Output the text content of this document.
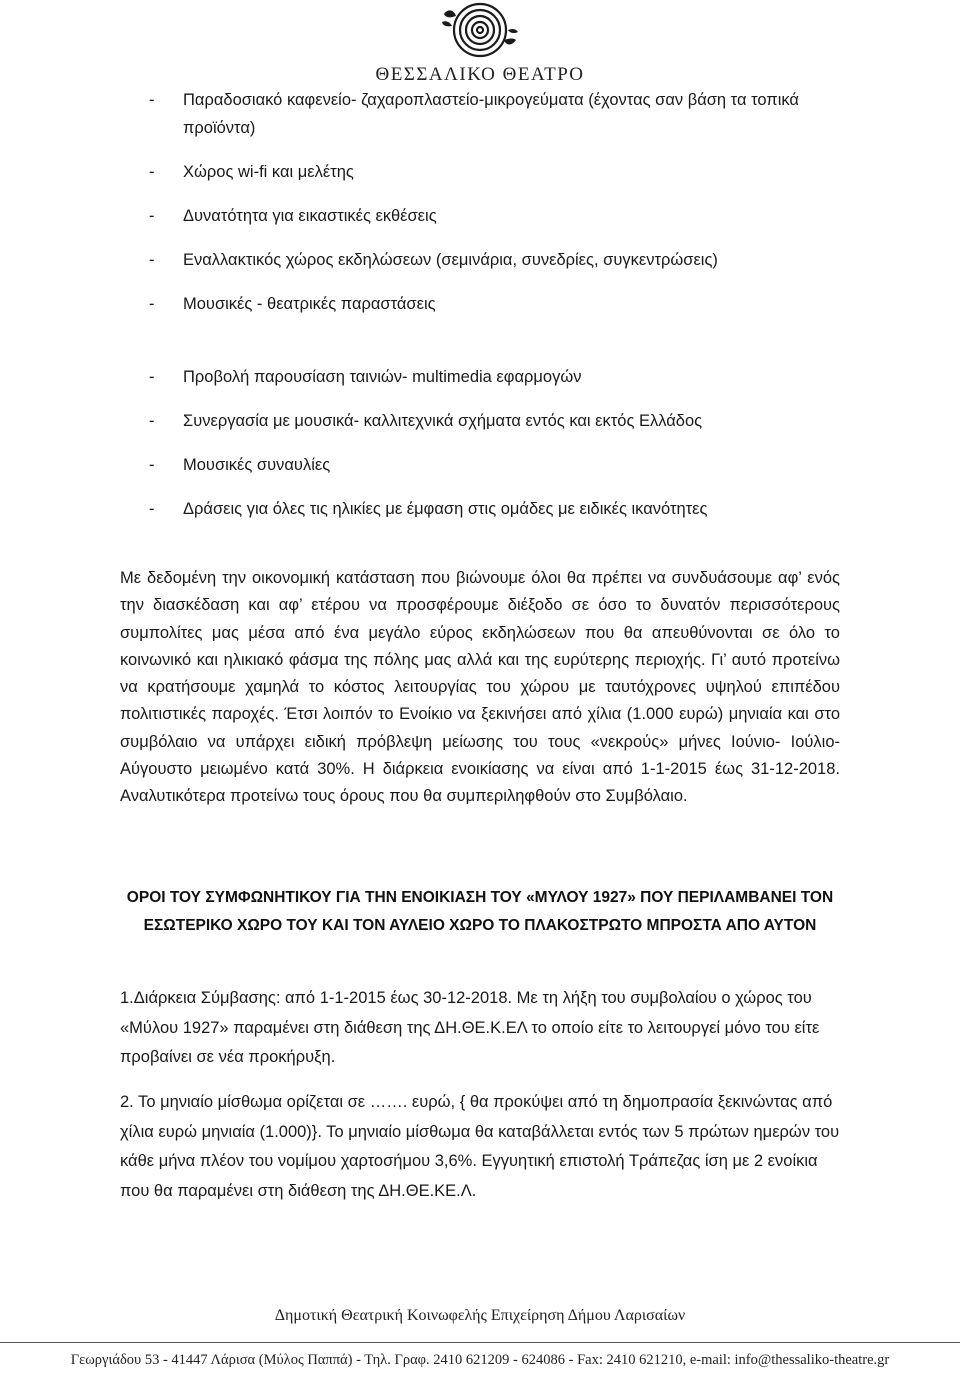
ΘΕΣΣΑΛΙΚΟ ΘΕΑΤΡΟ
- Παραδοσιακό καφενείο- ζαχαροπλαστείο-μικρογεύματα (έχοντας σαν βάση τα τοπικά προϊόντα)
- Χώρος wi-fi και μελέτης
- Δυνατότητα για εικαστικές εκθέσεις
- Εναλλακτικός χώρος εκδηλώσεων (σεμινάρια, συνεδρίες, συγκεντρώσεις)
- Μουσικές - θεατρικές παραστάσεις
- Προβολή παρουσίαση ταινιών- multimedia εφαρμογών
- Συνεργασία με μουσικά- καλλιτεχνικά σχήματα εντός και εκτός Ελλάδος
- Μουσικές συναυλίες
- Δράσεις για όλες τις ηλικίες με έμφαση στις ομάδες με ειδικές ικανότητες

Με δεδομένη την οικονομική κατάσταση που βιώνουμε όλοι θα πρέπει να συνδυάσουμε αφ’ ενός την διασκέδαση και αφ’ ετέρου να προσφέρουμε διέξοδο σε όσο το δυνατόν περισσότερους συμπολίτες μας μέσα από ένα μεγάλο εύρος εκδηλώσεων που θα απευθύνονται σε όλο το κοινωνικό και ηλικιακό φάσμα της πόλης μας αλλά και της ευρύτερης περιοχής. Γι’ αυτό προτείνω να κρατήσουμε χαμηλά το κόστος λειτουργίας του χώρου με ταυτόχρονες υψηλού επιπέδου πολιτιστικές παροχές. Έτσι λοιπόν το Ενοίκιο να ξεκινήσει από χίλια (1.000 ευρώ) μηνιαία και στο συμβόλαιο να υπάρχει ειδική πρόβλεψη μείωσης του τους «νεκρούς» μήνες Ιούνιο- Ιούλιο- Αύγουστο μειωμένο κατά 30%. Η διάρκεια ενοικίασης να είναι από 1-1-2015 έως 31-12-2018. Αναλυτικότερα προτείνω τους όρους που θα συμπεριληφθούν στο Συμβόλαιο.

ΟΡΟΙ ΤΟΥ ΣΥΜΦΩΝΗΤΙΚΟΥ ΓΙΑ ΤΗΝ ΕΝΟΙΚΙΑΣΗ ΤΟΥ «ΜΥΛΟΥ 1927» ΠΟΥ ΠΕΡΙΛΑΜΒΑΝΕΙ ΤΟΝ ΕΣΩΤΕΡΙΚΟ ΧΩΡΟ ΤΟΥ ΚΑΙ ΤΟΝ ΑΥΛΕΙΟ ΧΩΡΟ ΤΟ ΠΛΑΚΟΣΤΡΩΤΟ ΜΠΡΟΣΤΑ ΑΠΟ ΑΥΤΟΝ

1.Διάρκεια Σύμβασης: από 1-1-2015 έως 30-12-2018. Με τη λήξη του συμβολαίου ο χώρος του «Μύλου 1927» παραμένει στη διάθεση της ΔΗ.ΘΕ.Κ.ΕΛ το οποίο είτε το λειτουργεί μόνο του είτε προβαίνει σε νέα προκήρυξη.

2. Το μηνιαίο μίσθωμα ορίζεται σε ……. ευρώ, { θα προκύψει από τη δημοπρασία ξεκινώντας από χίλια ευρώ μηνιαία (1.000)}. Το μηνιαίο μίσθωμα θα καταβάλλεται εντός των 5 πρώτων ημερών του κάθε μήνα πλέον του νομίμου χαρτοσήμου 3,6%. Εγγυητική επιστολή Τράπεζας ίση με 2 ενοίκια που θα παραμένει στη διάθεση της ΔΗ.ΘΕ.ΚΕ.Λ.

Δημοτική Θεατρική Κοινωφελής Επιχείρηση Δήμου Λαρισαίων
Γεωργιάδου 53 - 41447 Λάρισα (Μύλος Παππά) - Τηλ. Γραφ. 2410 621209 - 624086 - Fax: 2410 621210, e-mail: info@thessaliko-theatre.gr
